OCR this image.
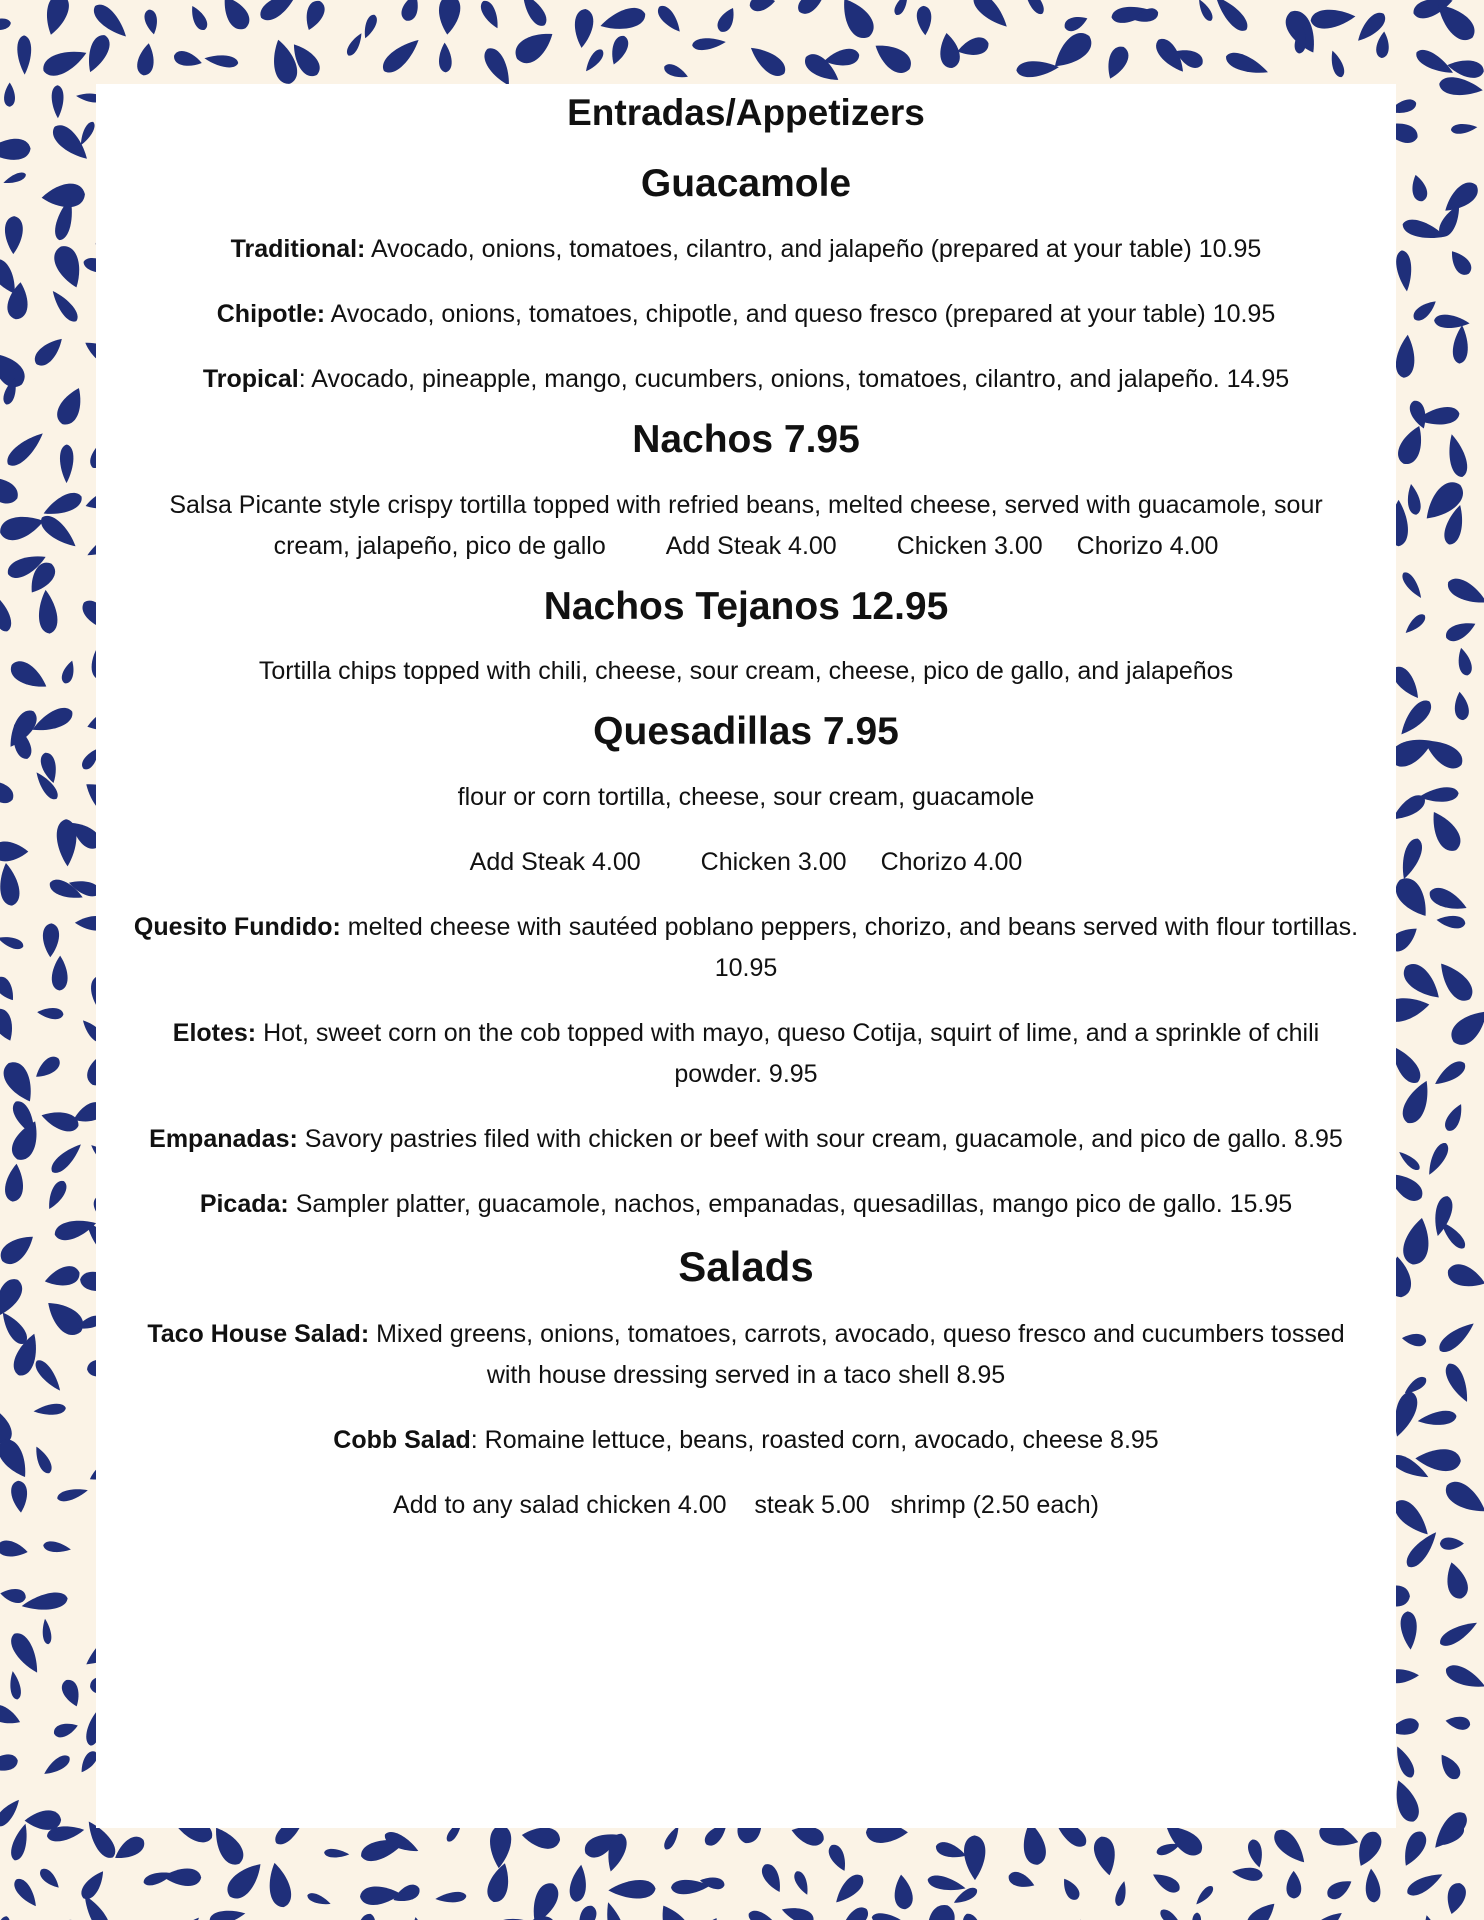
Entradas/Appetizers
Guacamole

Traditional: Avocado, onions, tomatoes, cilantro, and jalapeño (prepared at your table) 10.95

Chipotle: Avocado, onions, tomatoes, chipotle, and queso fresco (prepared at your table) 10.95

Tropical: Avocado, pineapple, mango, cucumbers, onions, tomatoes, cilantro, and jalapeño. 14.95

Nachos 7.95

Salsa Picante style crispy tortilla topped with refried beans, melted cheese, served with guacamole, sour
cream, jalapeño, pico de gallo Add Steak 4.00 Chicken 3.00 Chorizo 4.00

Nachos Tejanos 12.95

Tortilla chips topped with chili, cheese, sour cream, cheese, pico de gallo, and jalapeños

Quesadillas 7.95

flour or corn tortilla, cheese, sour cream, guacamole

Add Steak 4.00 Chicken 3.00 Chorizo 4.00

Quesito Fundido: melted cheese with sautéed poblano peppers, chorizo, and beans served with flour tortillas.
10.95

Elotes: Hot, sweet corn on the cob topped with mayo, queso Cotija, squirt of lime, and a sprinkle of chili
powder. 9.95

Empanadas: Savory pastries filed with chicken or beef with sour cream, guacamole, and pico de gallo. 8.95

Picada: Sampler platter, guacamole, nachos, empanadas, quesadillas, mango pico de gallo. 15.95

Salads

Taco House Salad: Mixed greens, onions, tomatoes, carrots, avocado, queso fresco and cucumbers tossed
with house dressing served in a taco shell 8.95

Cobb Salad: Romaine lettuce, beans, roasted corn, avocado, cheese 8.95

Add to any salad chicken 4.00    steak 5.00   shrimp (2.50 each)
